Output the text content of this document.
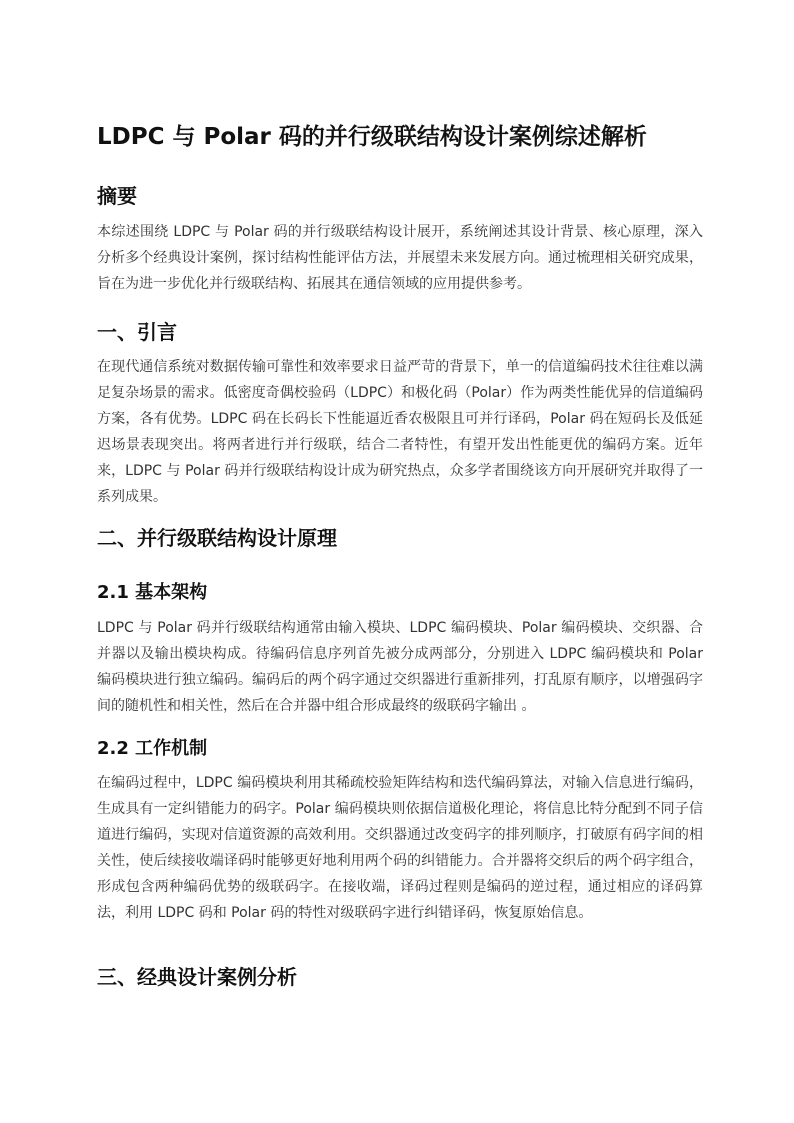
LDPC 与 Polar 码的并行级联结构设计案例综述解析
摘要

本综述围绕 LDPC 与 Polar 码的并行级联结构设计展开，系统阐述其设计背景、核心原理，深入分析多个经典设计案例，探讨结构性能评估方法，并展望未来发展方向。通过梳理相关研究成果，旨在为进一步优化并行级联结构、拓展其在通信领域的应用提供参考。

一、引言

在现代通信系统对数据传输可靠性和效率要求日益严苛的背景下，单一的信道编码技术往往难以满足复杂场景的需求。低密度奇偶校验码（LDPC）和极化码（Polar）作为两类性能优异的信道编码方案，各有优势。LDPC 码在长码长下性能逼近香农极限且可并行译码，Polar 码在短码长及低延迟场景表现突出。将两者进行并行级联，结合二者特性，有望开发出性能更优的编码方案。近年来，LDPC 与 Polar 码并行级联结构设计成为研究热点，众多学者围绕该方向开展研究并取得了一系列成果。

二、并行级联结构设计原理
2.1 基本架构

LDPC 与 Polar 码并行级联结构通常由输入模块、LDPC 编码模块、Polar 编码模块、交织器、合并器以及输出模块构成。待编码信息序列首先被分成两部分，分别进入 LDPC 编码模块和 Polar 编码模块进行独立编码。编码后的两个码字通过交织器进行重新排列，打乱原有顺序，以增强码字间的随机性和相关性，然后在合并器中组合形成最终的级联码字输出 。

2.2 工作机制

在编码过程中，LDPC 编码模块利用其稀疏校验矩阵结构和迭代编码算法，对输入信息进行编码，生成具有一定纠错能力的码字。Polar 编码模块则依据信道极化理论，将信息比特分配到不同子信道进行编码，实现对信道资源的高效利用。交织器通过改变码字的排列顺序，打破原有码字间的相关性，使后续接收端译码时能够更好地利用两个码的纠错能力。合并器将交织后的两个码字组合，形成包含两种编码优势的级联码字。在接收端，译码过程则是编码的逆过程，通过相应的译码算法，利用 LDPC 码和 Polar 码的特性对级联码字进行纠错译码，恢复原始信息。

三、经典设计案例分析
